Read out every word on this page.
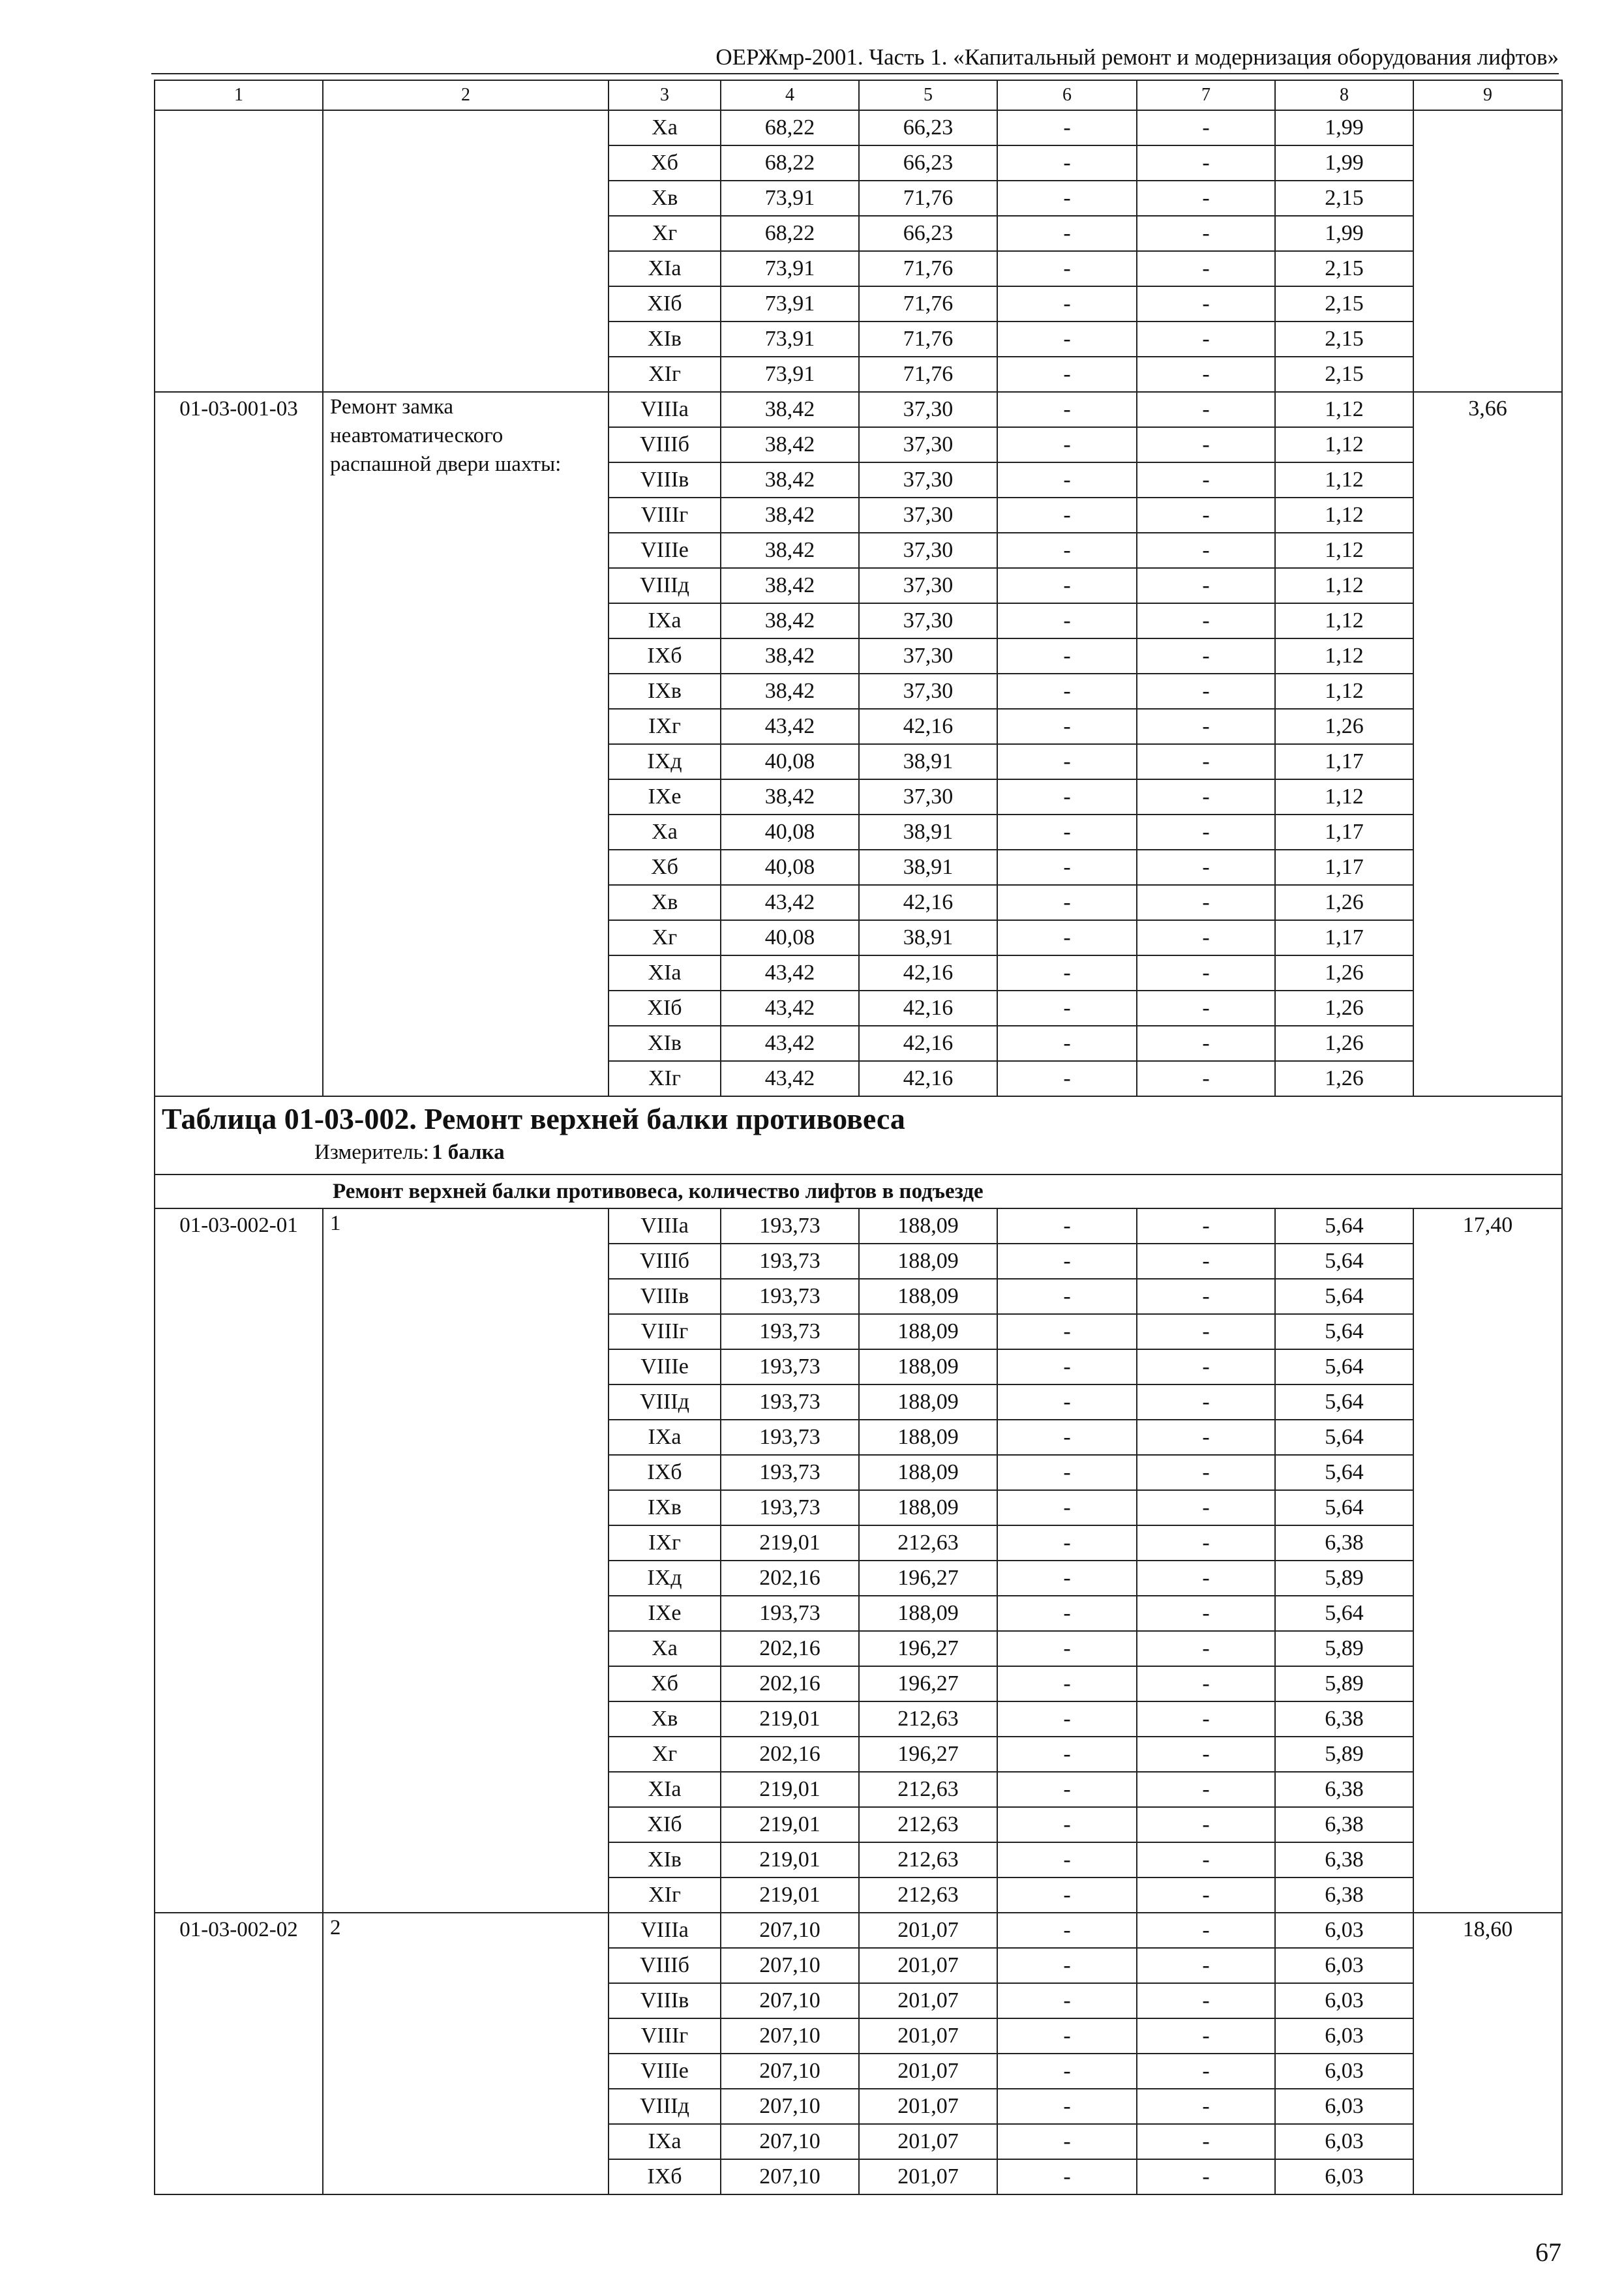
ОЕРЖмр-2001. Часть 1. «Капитальный ремонт и модернизация оборудования лифтов»
1	2	3	4	5	6	7	8	9
		Xа	68,22	66,23	-	-	1,99	
		Xб	68,22	66,23	-	-	1,99	
		Xв	73,91	71,76	-	-	2,15	
		Xг	68,22	66,23	-	-	1,99	
		XIа	73,91	71,76	-	-	2,15	
		XIб	73,91	71,76	-	-	2,15	
		XIв	73,91	71,76	-	-	2,15	
		XIг	73,91	71,76	-	-	2,15	
01-03-001-03	Ремонт замка неавтоматического распашной двери шахты:	VIIIа	38,42	37,30	-	-	1,12	3,66
		VIIIб	38,42	37,30	-	-	1,12	
		VIIIв	38,42	37,30	-	-	1,12	
		VIIIг	38,42	37,30	-	-	1,12	
		VIIIе	38,42	37,30	-	-	1,12	
		VIIIд	38,42	37,30	-	-	1,12	
		IXа	38,42	37,30	-	-	1,12	
		IXб	38,42	37,30	-	-	1,12	
		IXв	38,42	37,30	-	-	1,12	
		IXг	43,42	42,16	-	-	1,26	
		IXд	40,08	38,91	-	-	1,17	
		IXе	38,42	37,30	-	-	1,12	
		Xа	40,08	38,91	-	-	1,17	
		Xб	40,08	38,91	-	-	1,17	
		Xв	43,42	42,16	-	-	1,26	
		Xг	40,08	38,91	-	-	1,17	
		XIа	43,42	42,16	-	-	1,26	
		XIб	43,42	42,16	-	-	1,26	
		XIв	43,42	42,16	-	-	1,26	
		XIг	43,42	42,16	-	-	1,26	

Таблица 01-03-002. Ремонт верхней балки противовеса
Измеритель: 1 балка								

Ремонт верхней балки противовеса, количество лифтов в подъезде								
01-03-002-01	1	VIIIа	193,73	188,09	-	-	5,64	17,40
		VIIIб	193,73	188,09	-	-	5,64	
		VIIIв	193,73	188,09	-	-	5,64	
		VIIIг	193,73	188,09	-	-	5,64	
		VIIIе	193,73	188,09	-	-	5,64	
		VIIIд	193,73	188,09	-	-	5,64	
		IXа	193,73	188,09	-	-	5,64	
		IXб	193,73	188,09	-	-	5,64	
		IXв	193,73	188,09	-	-	5,64	
		IXг	219,01	212,63	-	-	6,38	
		IXд	202,16	196,27	-	-	5,89	
		IXе	193,73	188,09	-	-	5,64	
		Xа	202,16	196,27	-	-	5,89	
		Xб	202,16	196,27	-	-	5,89	
		Xв	219,01	212,63	-	-	6,38	
		Xг	202,16	196,27	-	-	5,89	
		XIа	219,01	212,63	-	-	6,38	
		XIб	219,01	212,63	-	-	6,38	
		XIв	219,01	212,63	-	-	6,38	
		XIг	219,01	212,63	-	-	6,38	
01-03-002-02	2	VIIIа	207,10	201,07	-	-	6,03	18,60
		VIIIб	207,10	201,07	-	-	6,03	
		VIIIв	207,10	201,07	-	-	6,03	
		VIIIг	207,10	201,07	-	-	6,03	
		VIIIе	207,10	201,07	-	-	6,03	
		VIIIд	207,10	201,07	-	-	6,03	
		IXа	207,10	201,07	-	-	6,03	
		IXб	207,10	201,07	-	-	6,03	
67
